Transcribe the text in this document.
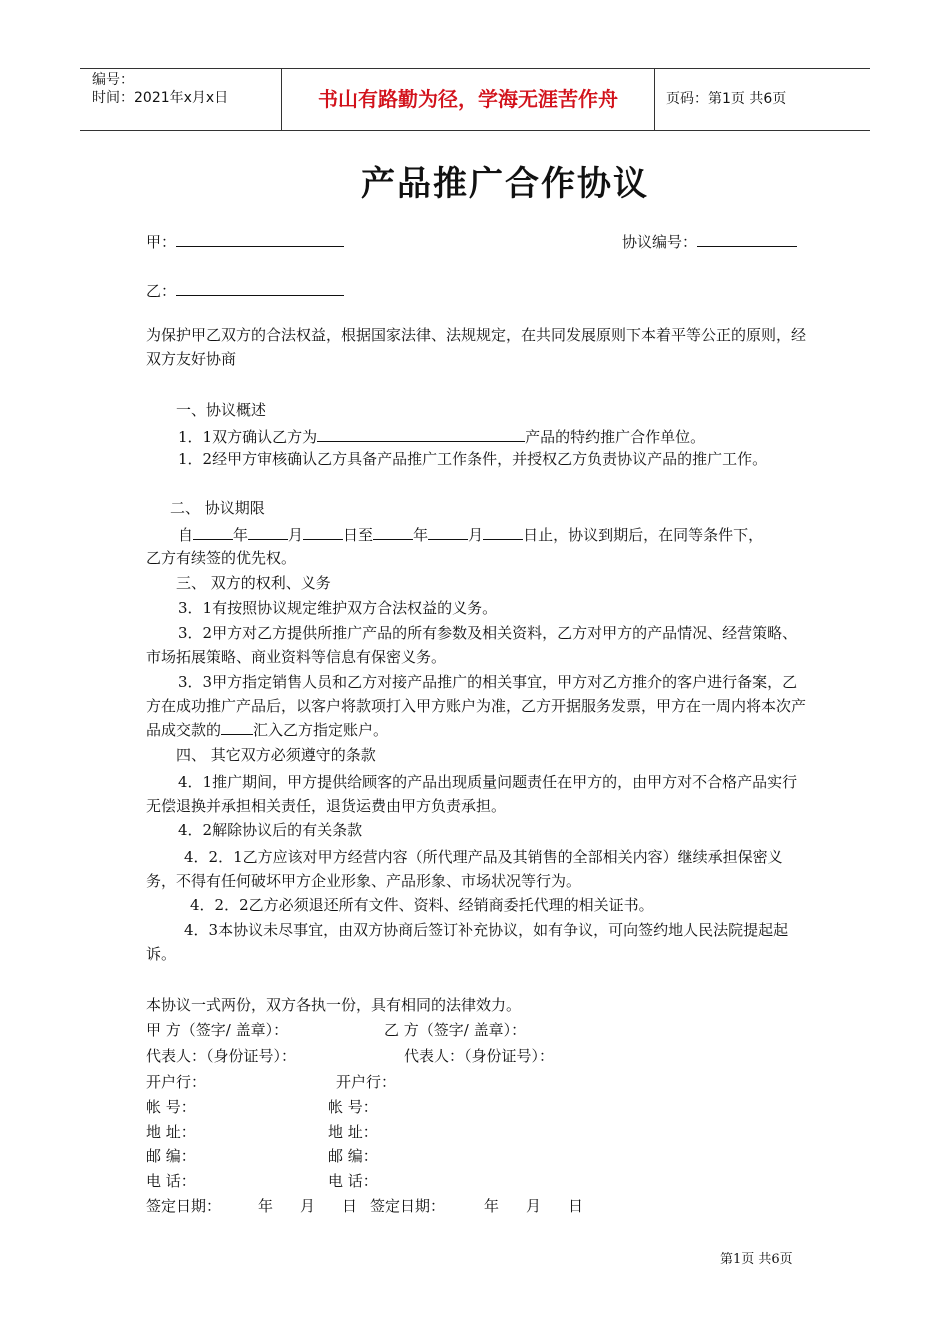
编号：
时间：2021年x月x日	书山有路勤为径，学海无涯苦作舟	页码：第1页 共6页
产品推广合作协议
甲：	协议编号：
乙：
为保护甲乙双方的合法权益，根据国家法律、法规规定，在共同发展原则下本着平等公正的原则，经双方友好协商
一、协议概述
1．1双方确认乙方为	产品的特约推广合作单位。
1．2经甲方审核确认乙方具备产品推广工作条件，并授权乙方负责协议产品的推广工作。
二、 协议期限
自	年	月	日至	年	月	日止，协议到期后，在同等条件下，
乙方有续签的优先权。
三、 双方的权利、义务
3．1有按照协议规定维护双方合法权益的义务。
3．2甲方对乙方提供所推广产品的所有参数及相关资料，乙方对甲方的产品情况、经营策略、市场拓展策略、商业资料等信息有保密义务。
3．3甲方指定销售人员和乙方对接产品推广的相关事宜，甲方对乙方推介的客户进行备案，乙方在成功推广产品后，以客户将款项打入甲方账户为准，乙方开据服务发票，甲方在一周内将本次产品成交款的 汇入乙方指定账户。
四、 其它双方必须遵守的条款
4．1推广期间，甲方提供给顾客的产品出现质量问题责任在甲方的，由甲方对不合格产品实行无偿退换并承担相关责任，退货运费由甲方负责承担。
4．2解除协议后的有关条款
4．2．1乙方应该对甲方经营内容（所代理产品及其销售的全部相关内容）继续承担保密义务，不得有任何破坏甲方企业形象、产品形象、市场状况等行为。
4．2．2乙方必须退还所有文件、资料、经销商委托代理的相关证书。
4．3本协议未尽事宜，由双方协商后签订补充协议，如有争议，可向签约地人民法院提起起诉。
本协议一式两份，双方各执一份，具有相同的法律效力。
甲 方（签字/ 盖章）：	乙 方（签字/ 盖章）：
代表人：（身份证号）：	代表人：（身份证号）：
开户行：	开户行：
帐 号：	帐 号：
地 址：	地 址：
邮 编：	邮 编：
电 话：	电 话：
签定日期： 年 月 日 签定日期：	年 月 日
第1页 共6页
